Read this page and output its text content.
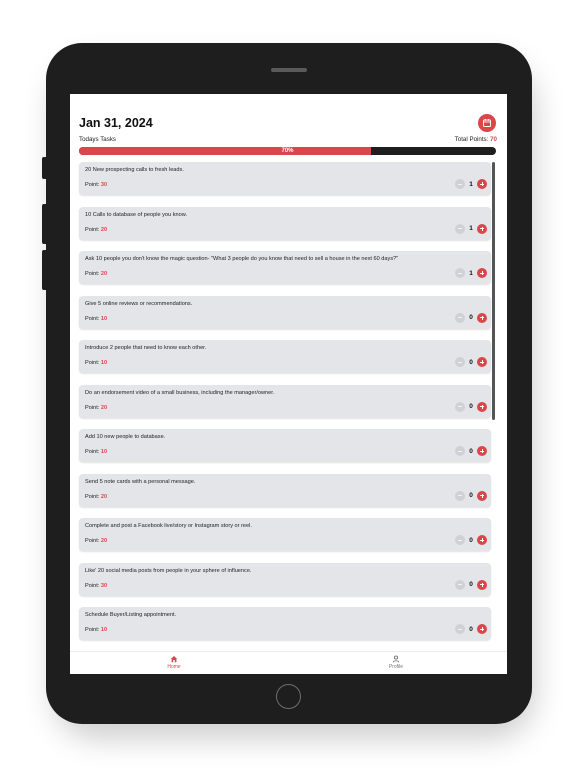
Jan 31, 2024
Todays Tasks	Total Points: 70
70%
20 New prospecting calls to fresh leads.
Point: 30	1
10 Calls to database of people you know.
Point: 20	1
Ask 10 people you don't know the magic question- "What 3 people do you know that need to sell a house in the next 60 days?"
Point: 20	1
Give 5 online reviews or recommendations.
Point: 10	0
Introduce 2 people that need to know each other.
Point: 10	0
Do an endorsement video of a small business, including the manager/owner.
Point: 20	0
Add 10 new people to database.
Point: 10	0
Send 5 note cards with a personal message.
Point: 20	0
Complete and post a Facebook live/story or Instagram story or reel.
Point: 20	0
Like' 20 social media posts from people in your sphere of influence.
Point: 30	0
Schedule Buyer/Listing appointment.
Point: 10	0
Home	Profile
